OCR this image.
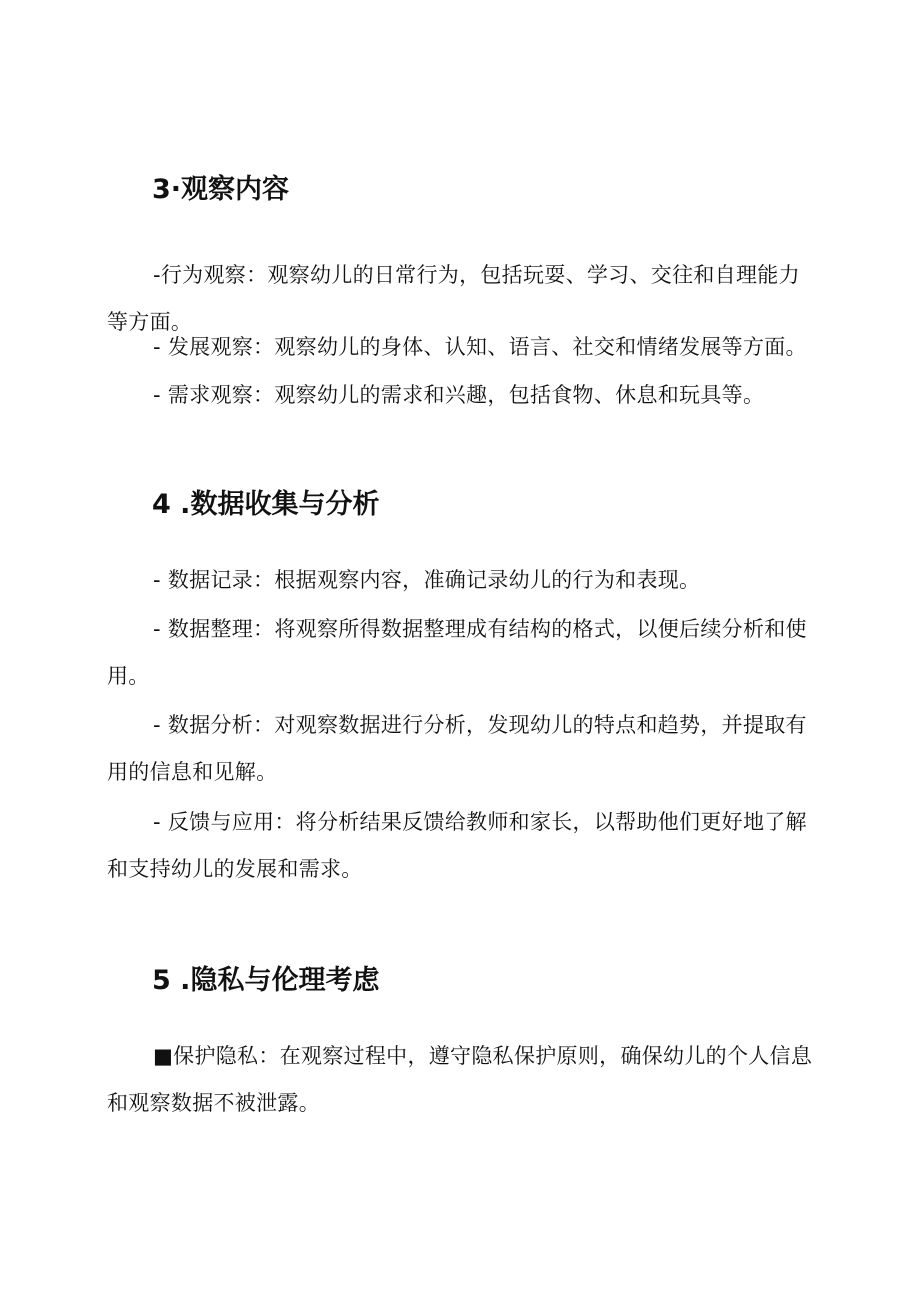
3·观察内容

-行为观察：观察幼儿的日常行为，包括玩耍、学习、交往和自理能力等方面。

- 发展观察：观察幼儿的身体、认知、语言、社交和情绪发展等方面。

- 需求观察：观察幼儿的需求和兴趣，包括食物、休息和玩具等。

4 .数据收集与分析

- 数据记录：根据观察内容，准确记录幼儿的行为和表现。

- 数据整理：将观察所得数据整理成有结构的格式，以便后续分析和使用。

- 数据分析：对观察数据进行分析，发现幼儿的特点和趋势，并提取有用的信息和见解。

- 反馈与应用：将分析结果反馈给教师和家长，以帮助他们更好地了解和支持幼儿的发展和需求。

5 .隐私与伦理考虑

■保护隐私：在观察过程中，遵守隐私保护原则，确保幼儿的个人信息和观察数据不被泄露。
